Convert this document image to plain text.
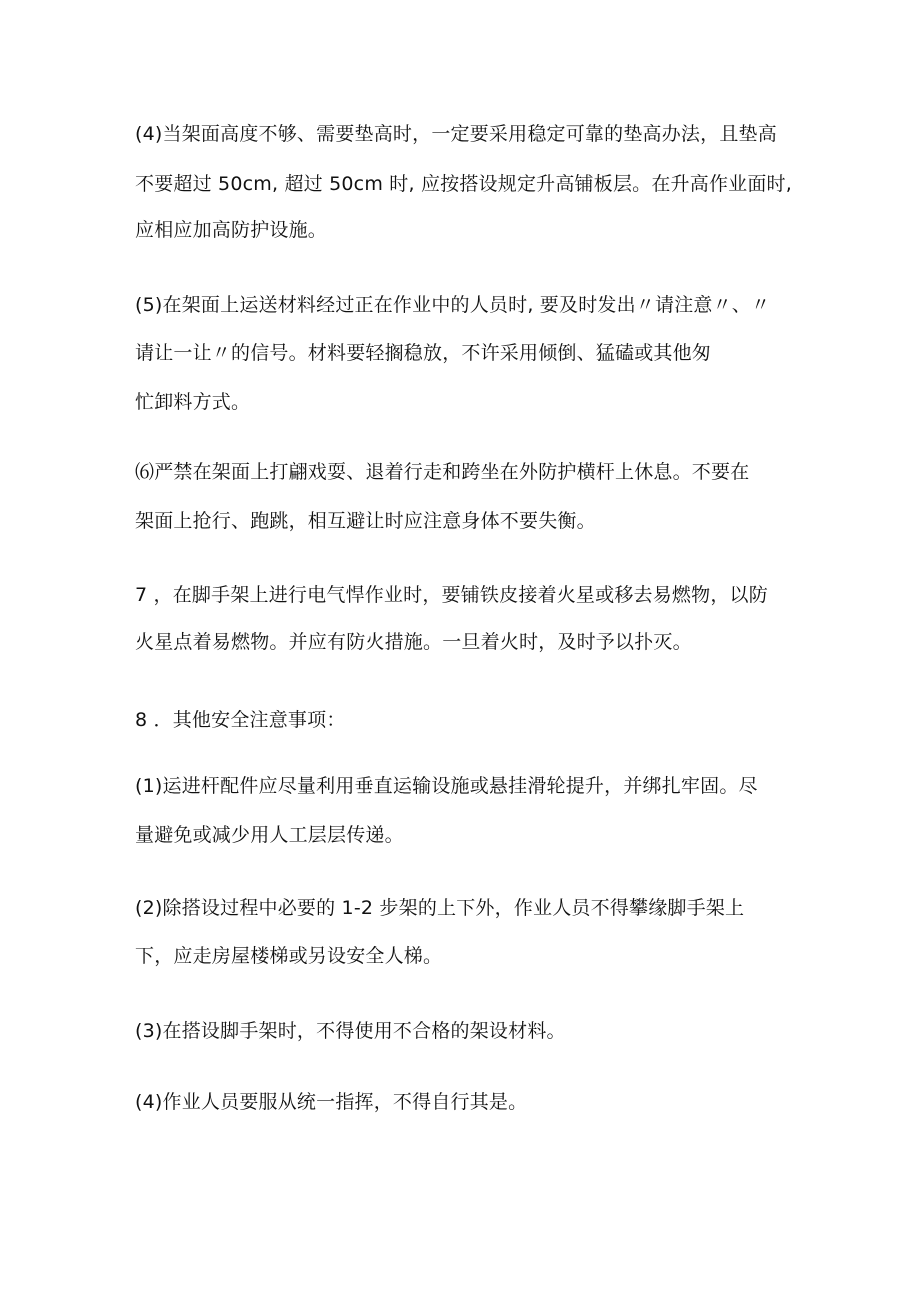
(4)当架面高度不够、需要垫高时，一定要采用稳定可靠的垫高办法，且垫高
不要超过 50cm, 超过 50cm 时, 应按搭设规定升高铺板层。在升高作业面时,
应相应加高防护设施。
(5)在架面上运送材料经过正在作业中的人员时, 要及时发出〃请注意〃、〃
请让一让〃的信号。材料要轻搁稳放，不许采用倾倒、猛磕或其他匆
忙卸料方式。
⑹严禁在架面上打翩戏耍、退着行走和跨坐在外防护横杆上休息。不要在
架面上抢行、跑跳，相互避让时应注意身体不要失衡。
7 ，在脚手架上进行电气悍作业时，要铺铁皮接着火星或移去易燃物，以防
火星点着易燃物。并应有防火措施。一旦着火时，及时予以扑灭。
8 ．其他安全注意事项：
(1)运进杆配件应尽量利用垂直运输设施或悬挂滑轮提升，并绑扎牢固。尽
量避免或减少用人工层层传递。
(2)除搭设过程中必要的 1-2 步架的上下外，作业人员不得攀缘脚手架上
下，应走房屋楼梯或另设安全人梯。
(3)在搭设脚手架时，不得使用不合格的架设材料。
(4)作业人员要服从统一指挥，不得自行其是。
